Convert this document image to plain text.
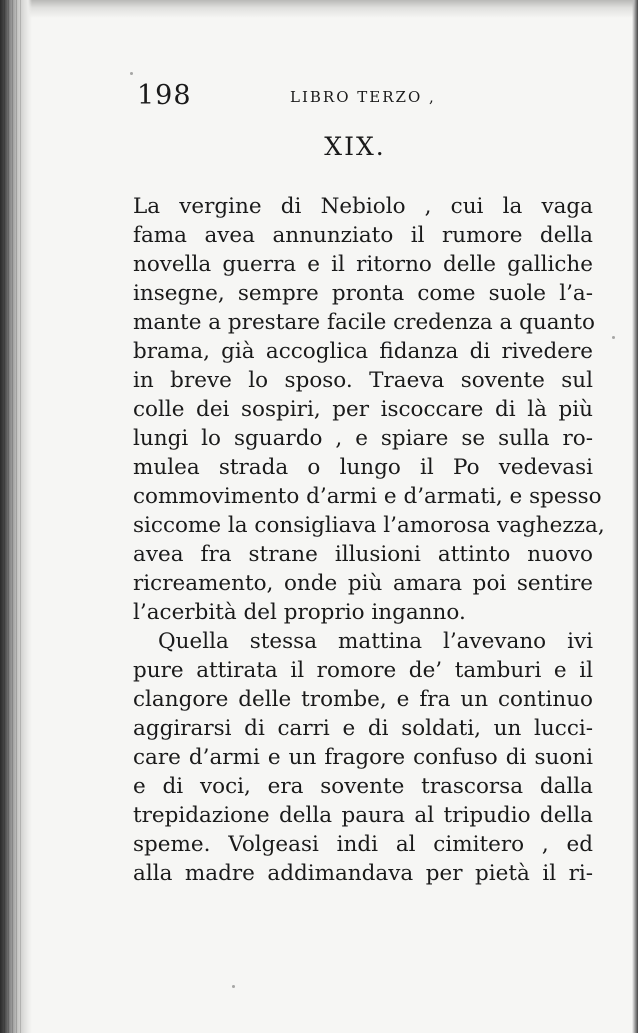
198	LIBRO TERZO ,
XIX.
La vergine di Nebiolo , cui la vaga
fama avea annunziato il rumore della
novella guerra e il ritorno delle galliche
insegne, sempre pronta come suole l’a-
mante a prestare facile credenza a quanto
brama, già accoglica fidanza di rivedere
in breve lo sposo. Traeva sovente sul
colle dei sospiri, per iscoccare di là più
lungi lo sguardo , e spiare se sulla ro-
mulea strada o lungo il Po vedevasi
commovimento d’armi e d’armati, e spesso
siccome la consigliava l’amorosa vaghezza,
avea fra strane illusioni attinto nuovo
ricreamento, onde più amara poi sentire
l’acerbità del proprio inganno.
Quella stessa mattina l’avevano ivi
pure attirata il romore de’ tamburi e il
clangore delle trombe, e fra un continuo
aggirarsi di carri e di soldati, un lucci-
care d’armi e un fragore confuso di suoni
e di voci, era sovente trascorsa dalla
trepidazione della paura al tripudio della
speme. Volgeasi indi al cimitero , ed
alla madre addimandava per pietà il ri-
